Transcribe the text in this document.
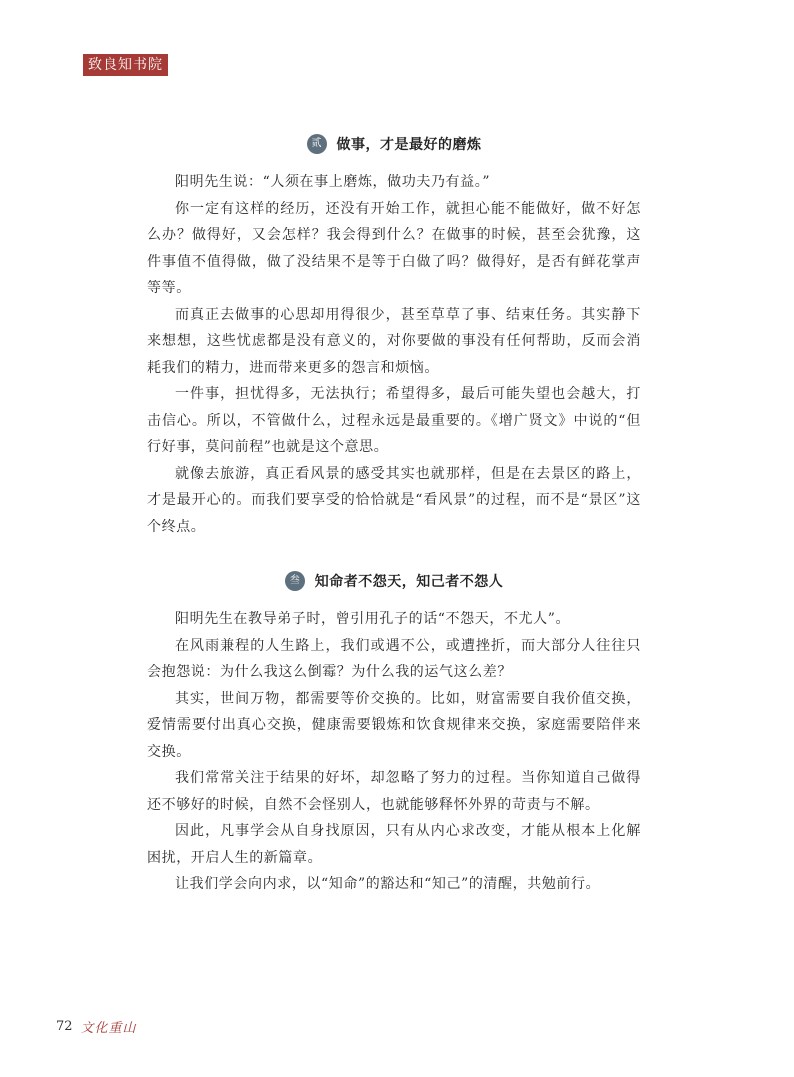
致良知书院
贰	做事，才是最好的磨炼

阳明先生说：“人须在事上磨炼，做功夫乃有益。”

你一定有这样的经历，还没有开始工作，就担心能不能做好，做不好怎么办？做得好，又会怎样？我会得到什么？在做事的时候，甚至会犹豫，这件事值不值得做，做了没结果不是等于白做了吗？做得好，是否有鲜花掌声等等。

而真正去做事的心思却用得很少，甚至草草了事、结束任务。其实静下来想想，这些忧虑都是没有意义的，对你要做的事没有任何帮助，反而会消耗我们的精力，进而带来更多的怨言和烦恼。

一件事，担忧得多，无法执行；希望得多，最后可能失望也会越大，打击信心。所以，不管做什么，过程永远是最重要的。《增广贤文》中说的“但行好事，莫问前程”也就是这个意思。

就像去旅游，真正看风景的感受其实也就那样，但是在去景区的路上，才是最开心的。而我们要享受的恰恰就是“看风景”的过程，而不是“景区”这个终点。

叁	知命者不怨天，知己者不怨人

阳明先生在教导弟子时，曾引用孔子的话“不怨天，不尤人”。

在风雨兼程的人生路上，我们或遇不公，或遭挫折，而大部分人往往只会抱怨说：为什么我这么倒霉？为什么我的运气这么差？

其实，世间万物，都需要等价交换的。比如，财富需要自我价值交换，爱情需要付出真心交换，健康需要锻炼和饮食规律来交换，家庭需要陪伴来交换。

我们常常关注于结果的好坏，却忽略了努力的过程。当你知道自己做得还不够好的时候，自然不会怪别人，也就能够释怀外界的苛责与不解。

因此，凡事学会从自身找原因，只有从内心求改变，才能从根本上化解困扰，开启人生的新篇章。

让我们学会向内求，以“知命”的豁达和“知己”的清醒，共勉前行。

72 文化重山
